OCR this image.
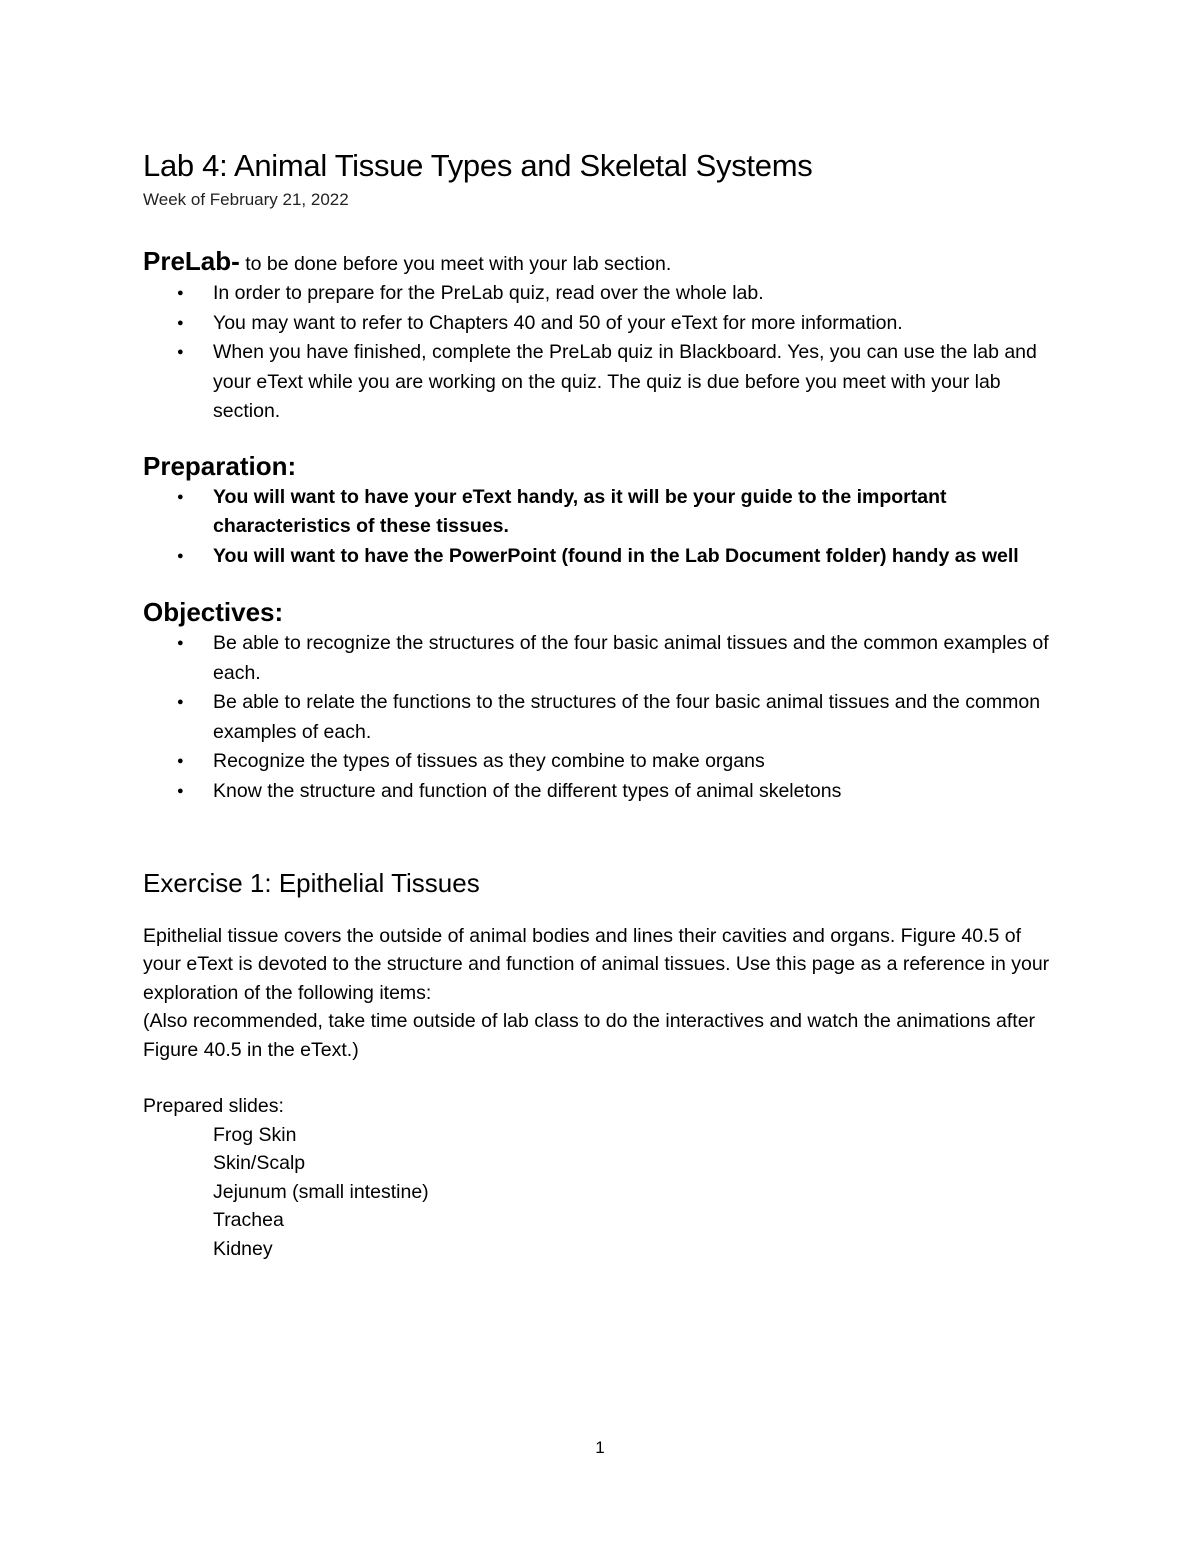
Lab 4: Animal Tissue Types and Skeletal Systems
Week of February 21, 2022
PreLab- to be done before you meet with your lab section.
● In order to prepare for the PreLab quiz, read over the whole lab.
● You may want to refer to Chapters 40 and 50 of your eText for more information.
● When you have finished, complete the PreLab quiz in Blackboard. Yes, you can use the lab and your eText while you are working on the quiz. The quiz is due before you meet with your lab section.
Preparation:
● You will want to have your eText handy, as it will be your guide to the important characteristics of these tissues.
● You will want to have the PowerPoint (found in the Lab Document folder) handy as well
Objectives:
● Be able to recognize the structures of the four basic animal tissues and the common examples of each.
● Be able to relate the functions to the structures of the four basic animal tissues and the common examples of each.
● Recognize the types of tissues as they combine to make organs
● Know the structure and function of the different types of animal skeletons
Exercise 1: Epithelial Tissues

Epithelial tissue covers the outside of animal bodies and lines their cavities and organs. Figure 40.5 of your eText is devoted to the structure and function of animal tissues. Use this page as a reference in your exploration of the following items:

(Also recommended, take time outside of lab class to do the interactives and watch the animations after Figure 40.5 in the eText.)

Prepared slides:
Frog Skin
Skin/Scalp
Jejunum (small intestine)
Trachea
Kidney
1
